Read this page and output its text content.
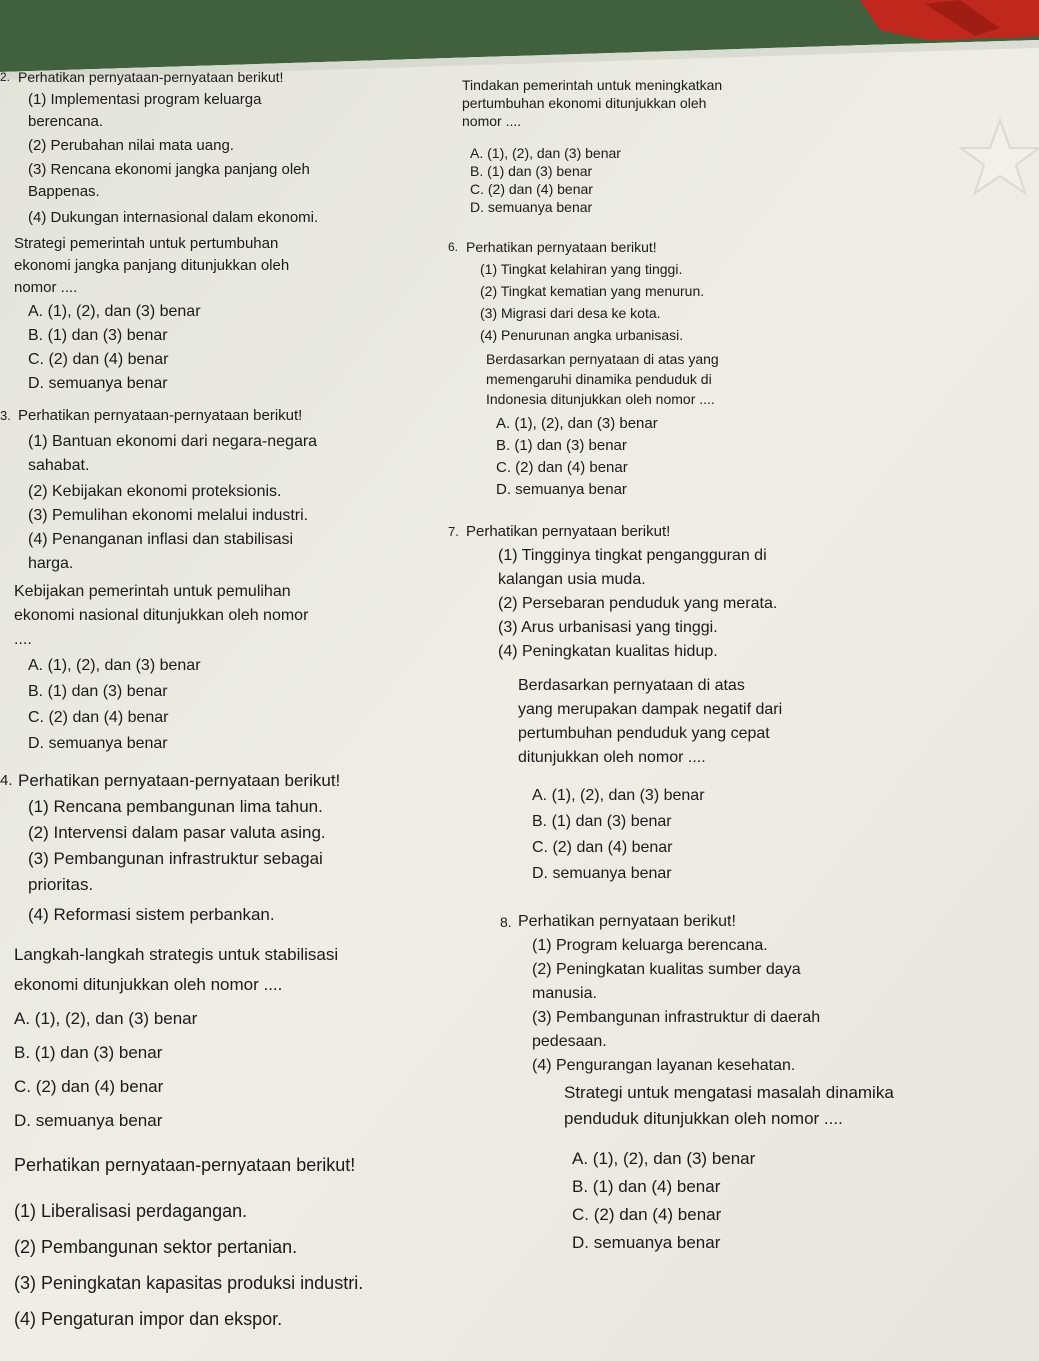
2. Perhatikan pernyataan-pernyataan berikut!
(1) Implementasi program keluarga
berencana.
(2) Perubahan nilai mata uang.
(3) Rencana ekonomi jangka panjang oleh
Bappenas.
(4) Dukungan internasional dalam ekonomi.
Strategi pemerintah untuk pertumbuhan
ekonomi jangka panjang ditunjukkan oleh
nomor ....
A. (1), (2), dan (3) benar
B. (1) dan (3) benar
C. (2) dan (4) benar
D. semuanya benar
3. Perhatikan pernyataan-pernyataan berikut!
(1) Bantuan ekonomi dari negara-negara
sahabat.
(2) Kebijakan ekonomi proteksionis.
(3) Pemulihan ekonomi melalui industri.
(4) Penanganan inflasi dan stabilisasi
harga.
Kebijakan pemerintah untuk pemulihan
ekonomi nasional ditunjukkan oleh nomor
....
A. (1), (2), dan (3) benar
B. (1) dan (3) benar
C. (2) dan (4) benar
D. semuanya benar
4. Perhatikan pernyataan-pernyataan berikut!
(1) Rencana pembangunan lima tahun.
(2) Intervensi dalam pasar valuta asing.
(3) Pembangunan infrastruktur sebagai
prioritas.
(4) Reformasi sistem perbankan.
Langkah-langkah strategis untuk stabilisasi
ekonomi ditunjukkan oleh nomor ....
A. (1), (2), dan (3) benar
B. (1) dan (3) benar
C. (2) dan (4) benar
D. semuanya benar
Perhatikan pernyataan-pernyataan berikut!
(1) Liberalisasi perdagangan.
(2) Pembangunan sektor pertanian.
(3) Peningkatan kapasitas produksi industri.
(4) Pengaturan impor dan ekspor.
Tindakan pemerintah untuk meningkatkan
pertumbuhan ekonomi ditunjukkan oleh
nomor ....
A. (1), (2), dan (3) benar
B. (1) dan (3) benar
C. (2) dan (4) benar
D. semuanya benar
6. Perhatikan pernyataan berikut!
(1) Tingkat kelahiran yang tinggi.
(2) Tingkat kematian yang menurun.
(3) Migrasi dari desa ke kota.
(4) Penurunan angka urbanisasi.
Berdasarkan pernyataan di atas yang
memengaruhi dinamika penduduk di
Indonesia ditunjukkan oleh nomor ....
A. (1), (2), dan (3) benar
B. (1) dan (3) benar
C. (2) dan (4) benar
D. semuanya benar
7. Perhatikan pernyataan berikut!
(1) Tingginya tingkat pengangguran di
kalangan usia muda.
(2) Persebaran penduduk yang merata.
(3) Arus urbanisasi yang tinggi.
(4) Peningkatan kualitas hidup.
Berdasarkan pernyataan di atas
yang merupakan dampak negatif dari
pertumbuhan penduduk yang cepat
ditunjukkan oleh nomor ....
A. (1), (2), dan (3) benar
B. (1) dan (3) benar
C. (2) dan (4) benar
D. semuanya benar
8. Perhatikan pernyataan berikut!
(1) Program keluarga berencana.
(2) Peningkatan kualitas sumber daya
manusia.
(3) Pembangunan infrastruktur di daerah
pedesaan.
(4) Pengurangan layanan kesehatan.
Strategi untuk mengatasi masalah dinamika
penduduk ditunjukkan oleh nomor ....
A. (1), (2), dan (3) benar
B. (1) dan (4) benar
C. (2) dan (4) benar
D. semuanya benar
